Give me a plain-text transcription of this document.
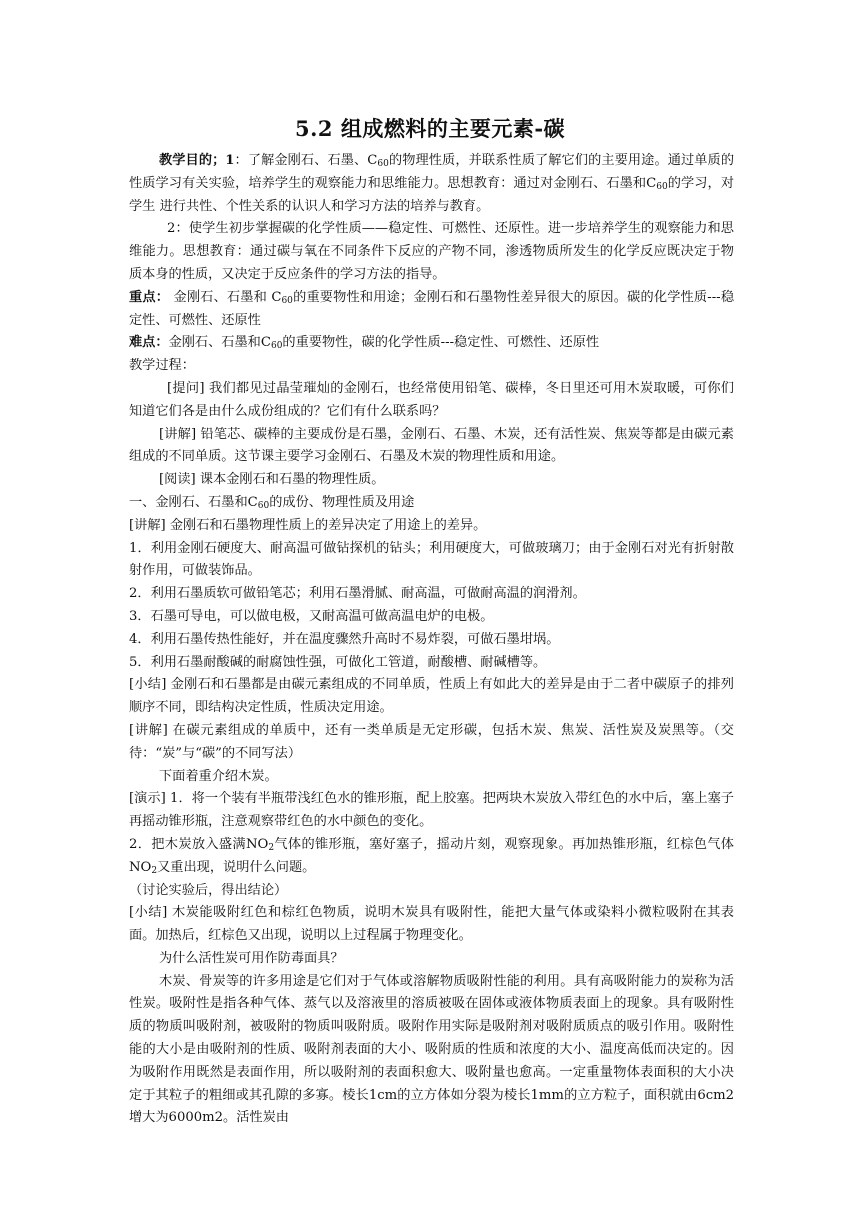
5.2 组成燃料的主要元素-碳

教学目的；1：了解金刚石、石墨、$C_{60}$的物理性质，并联系性质了解它们的主要用途。通过单质的性质学习有关实验，培养学生的观察能力和思维能力。思想教育：通过对金刚石、石墨和$C_{60}$的学习，对学生 进行共性、个性关系的认识人和学习方法的培养与教育。

2：使学生初步掌握碳的化学性质——稳定性、可燃性、还原性。进一步培养学生的观察能力和思维能力。思想教育：通过碳与氧在不同条件下反应的产物不同，渗透物质所发生的化学反应既决定于物质本身的性质，又决定于反应条件的学习方法的指导。

重点： 金刚石、石墨和 $C_{60}$的重要物性和用途；金刚石和石墨物性差异很大的原因。碳的化学性质---稳定性、可燃性、还原性

难点：金刚石、石墨和$C_{60}$的重要物性，碳的化学性质---稳定性、可燃性、还原性

教学过程：

[提问] 我们都见过晶莹璀灿的金刚石，也经常使用铅笔、碳棒，冬日里还可用木炭取暖，可你们知道它们各是由什么成份组成的？它们有什么联系吗？

[讲解] 铅笔芯、碳棒的主要成份是石墨，金刚石、石墨、木炭，还有活性炭、焦炭等都是由碳元素组成的不同单质。这节课主要学习金刚石、石墨及木炭的物理性质和用途。

[阅读] 课本金刚石和石墨的物理性质。

一、金刚石、石墨和$C_{60}$的成份、物理性质及用途

[讲解] 金刚石和石墨物理性质上的差异决定了用途上的差异。

1．利用金刚石硬度大、耐高温可做钻探机的钻头；利用硬度大，可做玻璃刀；由于金刚石对光有折射散射作用，可做装饰品。

2．利用石墨质软可做铅笔芯；利用石墨滑腻、耐高温，可做耐高温的润滑剂。

3．石墨可导电，可以做电极，又耐高温可做高温电炉的电极。

4．利用石墨传热性能好，并在温度骤然升高时不易炸裂，可做石墨坩埚。

5．利用石墨耐酸碱的耐腐蚀性强，可做化工管道，耐酸槽、耐碱槽等。

[小结] 金刚石和石墨都是由碳元素组成的不同单质，性质上有如此大的差异是由于二者中碳原子的排列顺序不同，即结构决定性质，性质决定用途。

[讲解] 在碳元素组成的单质中，还有一类单质是无定形碳，包括木炭、焦炭、活性炭及炭黑等。（交待：“炭”与“碳”的不同写法）

下面着重介绍木炭。

[演示] 1．将一个装有半瓶带浅红色水的锥形瓶，配上胶塞。把两块木炭放入带红色的水中后，塞上塞子再摇动锥形瓶，注意观察带红色的水中颜色的变化。

2．把木炭放入盛满$NO_2$气体的锥形瓶，塞好塞子，摇动片刻，观察现象。再加热锥形瓶，红棕色气体$NO_2$又重出现，说明什么问题。

（讨论实验后，得出结论）

[小结] 木炭能吸附红色和棕红色物质，说明木炭具有吸附性，能把大量气体或染料小微粒吸附在其表面。加热后，红棕色又出现，说明以上过程属于物理变化。

为什么活性炭可用作防毒面具？

木炭、骨炭等的许多用途是它们对于气体或溶解物质吸附性能的利用。具有高吸附能力的炭称为活性炭。吸附性是指各种气体、蒸气以及溶液里的溶质被吸在固体或液体物质表面上的现象。具有吸附性质的物质叫吸附剂，被吸附的物质叫吸附质。吸附作用实际是吸附剂对吸附质质点的吸引作用。吸附性能的大小是由吸附剂的性质、吸附剂表面的大小、吸附质的性质和浓度的大小、温度高低而决定的。因为吸附作用既然是表面作用，所以吸附剂的表面积愈大、吸附量也愈高。一定重量物体表面积的大小决定于其粒子的粗细或其孔隙的多寡。棱长1cm的立方体如分裂为棱长1mm的立方粒子，面积就由6cm2增大为6000m2。活性炭由
